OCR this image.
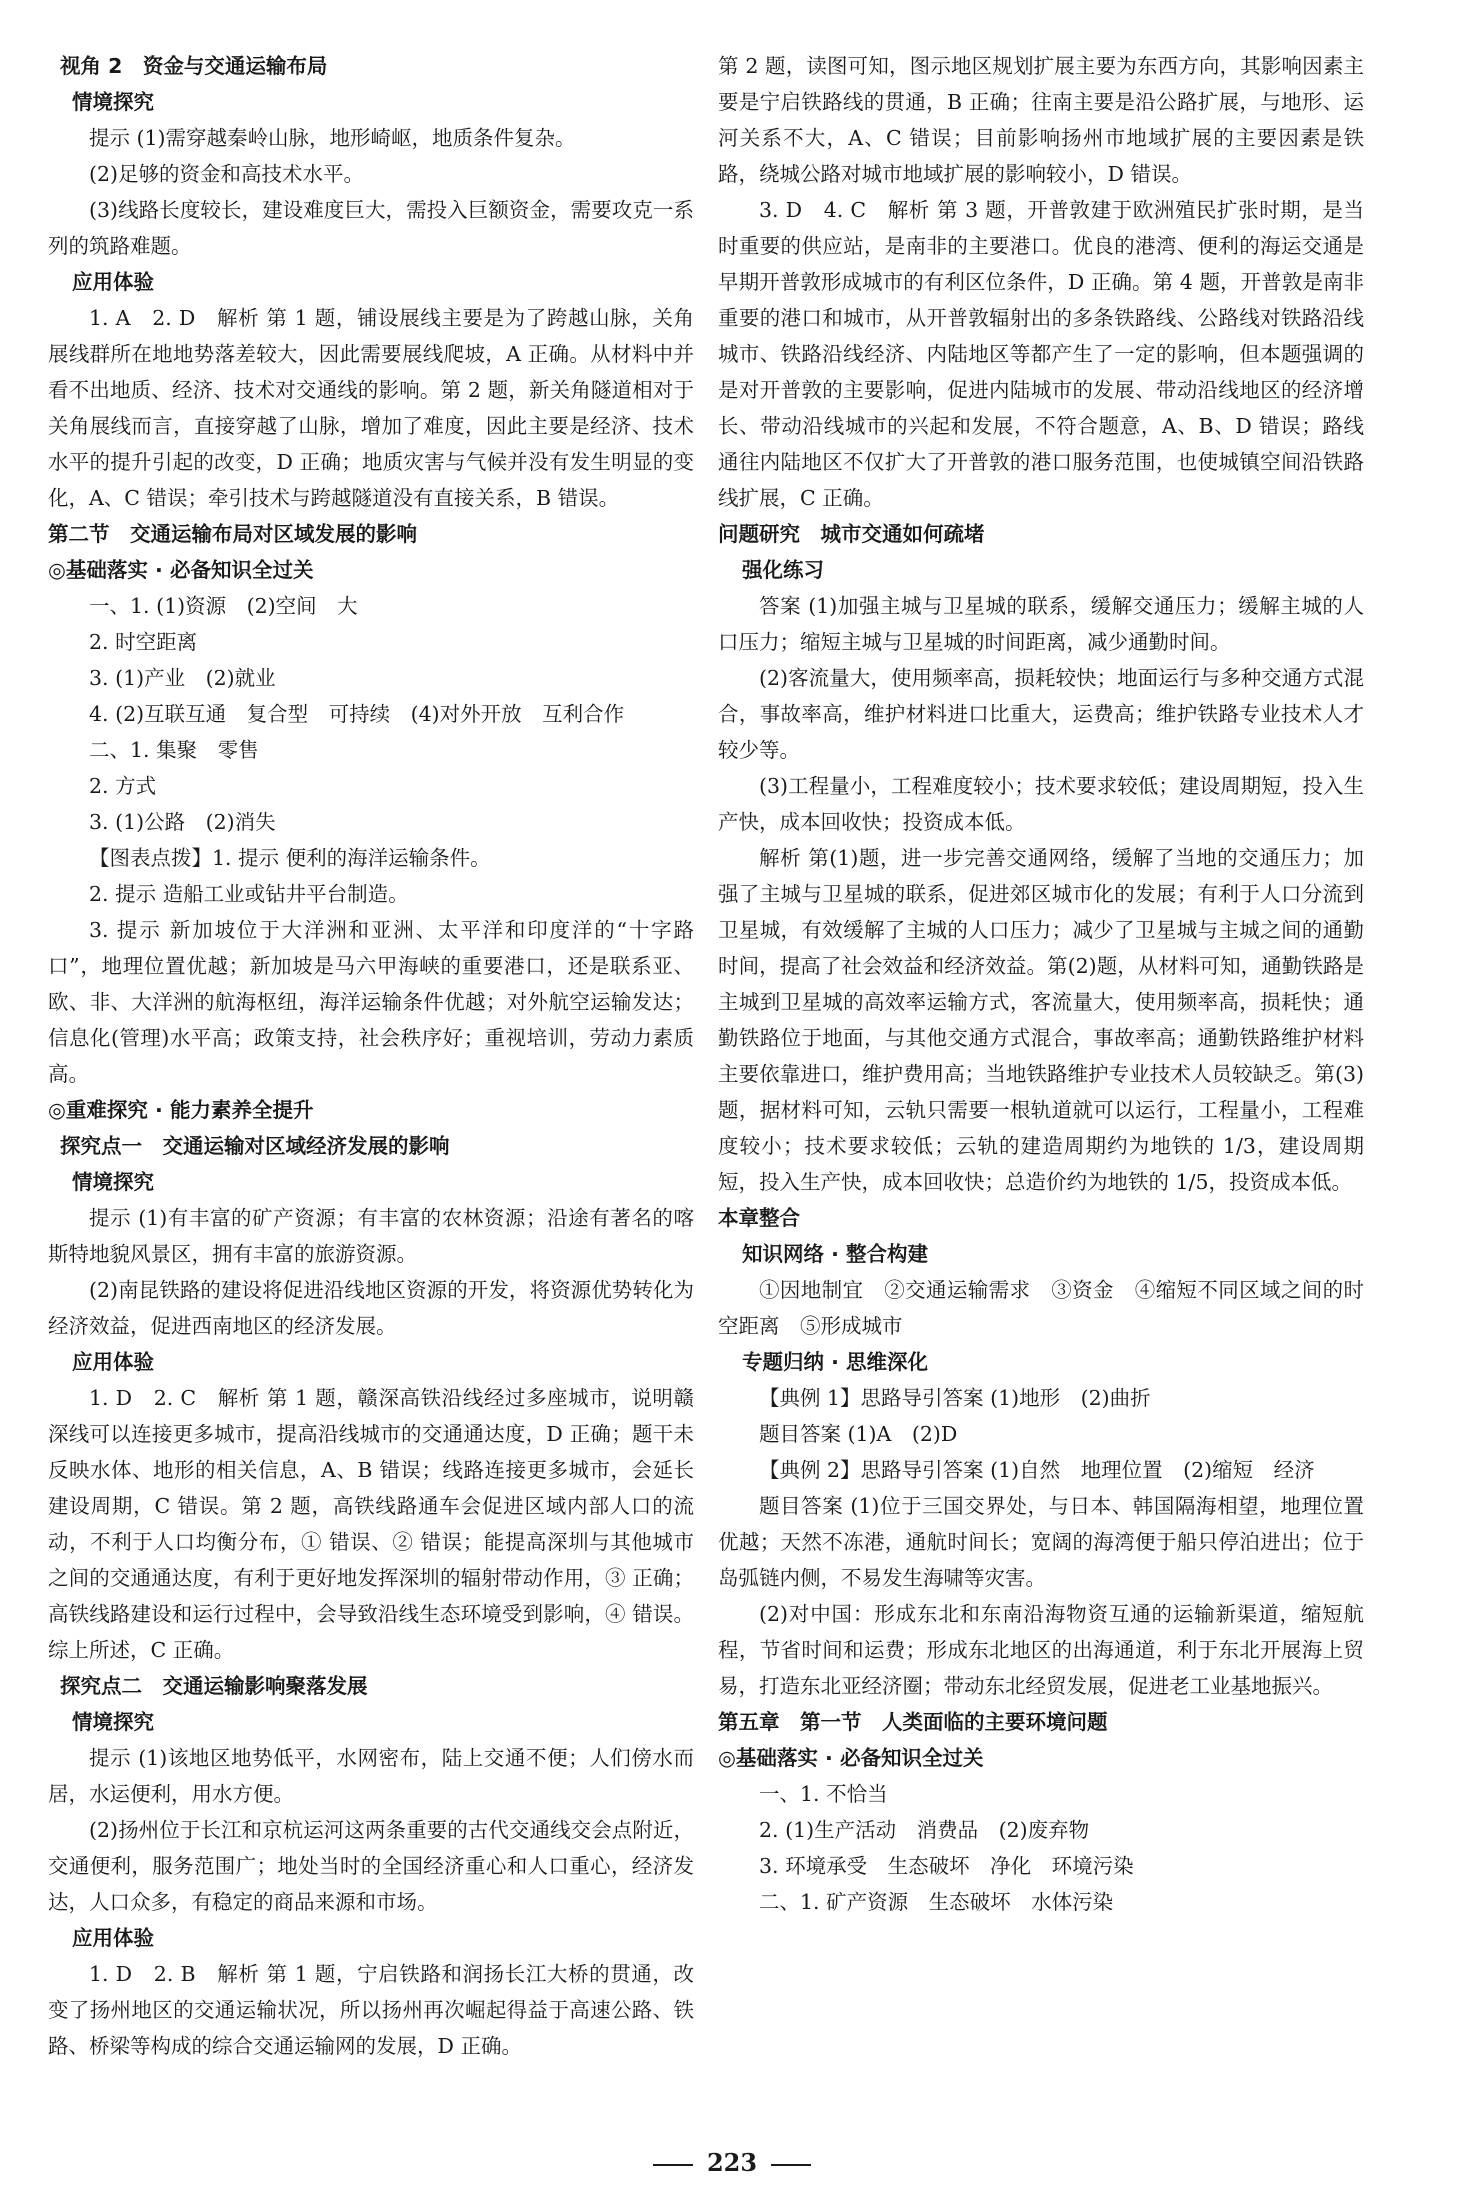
视角 2　资金与交通运输布局

情境探究

提示 (1)需穿越秦岭山脉，地形崎岖，地质条件复杂。

(2)足够的资金和高技术水平。

(3)线路长度较长，建设难度巨大，需投入巨额资金，需要攻克一系列的筑路难题。

应用体验

1. A　2. D　解析 第 1 题，铺设展线主要是为了跨越山脉，关角展线群所在地地势落差较大，因此需要展线爬坡，A 正确。从材料中并看不出地质、经济、技术对交通线的影响。第 2 题，新关角隧道相对于关角展线而言，直接穿越了山脉，增加了难度，因此主要是经济、技术水平的提升引起的改变，D 正确；地质灾害与气候并没有发生明显的变化，A、C 错误；牵引技术与跨越隧道没有直接关系，B 错误。

第二节　交通运输布局对区域发展的影响

◎基础落实 · 必备知识全过关

一、1. (1)资源　(2)空间　大

2. 时空距离

3. (1)产业　(2)就业

4. (2)互联互通　复合型　可持续　(4)对外开放　互利合作

二、1. 集聚　零售

2. 方式

3. (1)公路　(2)消失

【图表点拨】1. 提示 便利的海洋运输条件。

2. 提示 造船工业或钻井平台制造。

3. 提示 新加坡位于大洋洲和亚洲、太平洋和印度洋的“十字路口”，地理位置优越；新加坡是马六甲海峡的重要港口，还是联系亚、欧、非、大洋洲的航海枢纽，海洋运输条件优越；对外航空运输发达；信息化(管理)水平高；政策支持，社会秩序好；重视培训，劳动力素质高。

◎重难探究 · 能力素养全提升

探究点一　交通运输对区域经济发展的影响

情境探究

提示 (1)有丰富的矿产资源；有丰富的农林资源；沿途有著名的喀斯特地貌风景区，拥有丰富的旅游资源。

(2)南昆铁路的建设将促进沿线地区资源的开发，将资源优势转化为经济效益，促进西南地区的经济发展。

应用体验

1. D　2. C　解析 第 1 题，赣深高铁沿线经过多座城市，说明赣深线可以连接更多城市，提高沿线城市的交通通达度，D 正确；题干未反映水体、地形的相关信息，A、B 错误；线路连接更多城市，会延长建设周期，C 错误。第 2 题，高铁线路通车会促进区域内部人口的流动，不利于人口均衡分布，① 错误、② 错误；能提高深圳与其他城市之间的交通通达度，有利于更好地发挥深圳的辐射带动作用，③ 正确；高铁线路建设和运行过程中，会导致沿线生态环境受到影响，④ 错误。综上所述，C 正确。

探究点二　交通运输影响聚落发展

情境探究

提示 (1)该地区地势低平，水网密布，陆上交通不便；人们傍水而居，水运便利，用水方便。

(2)扬州位于长江和京杭运河这两条重要的古代交通线交会点附近，交通便利，服务范围广；地处当时的全国经济重心和人口重心，经济发达，人口众多，有稳定的商品来源和市场。

应用体验

1. D　2. B　解析 第 1 题，宁启铁路和润扬长江大桥的贯通，改变了扬州地区的交通运输状况，所以扬州再次崛起得益于高速公路、铁路、桥梁等构成的综合交通运输网的发展，D 正确。

第 2 题，读图可知，图示地区规划扩展主要为东西方向，其影响因素主要是宁启铁路线的贯通，B 正确；往南主要是沿公路扩展，与地形、运河关系不大，A、C 错误；目前影响扬州市地域扩展的主要因素是铁路，绕城公路对城市地域扩展的影响较小，D 错误。

3. D　4. C　解析 第 3 题，开普敦建于欧洲殖民扩张时期，是当时重要的供应站，是南非的主要港口。优良的港湾、便利的海运交通是早期开普敦形成城市的有利区位条件，D 正确。第 4 题，开普敦是南非重要的港口和城市，从开普敦辐射出的多条铁路线、公路线对铁路沿线城市、铁路沿线经济、内陆地区等都产生了一定的影响，但本题强调的是对开普敦的主要影响，促进内陆城市的发展、带动沿线地区的经济增长、带动沿线城市的兴起和发展，不符合题意，A、B、D 错误；路线通往内陆地区不仅扩大了开普敦的港口服务范围，也使城镇空间沿铁路线扩展，C 正确。

问题研究　城市交通如何疏堵

强化练习

答案 (1)加强主城与卫星城的联系，缓解交通压力；缓解主城的人口压力；缩短主城与卫星城的时间距离，减少通勤时间。

(2)客流量大，使用频率高，损耗较快；地面运行与多种交通方式混合，事故率高，维护材料进口比重大，运费高；维护铁路专业技术人才较少等。

(3)工程量小，工程难度较小；技术要求较低；建设周期短，投入生产快，成本回收快；投资成本低。

解析 第(1)题，进一步完善交通网络，缓解了当地的交通压力；加强了主城与卫星城的联系，促进郊区城市化的发展；有利于人口分流到卫星城，有效缓解了主城的人口压力；减少了卫星城与主城之间的通勤时间，提高了社会效益和经济效益。第(2)题，从材料可知，通勤铁路是主城到卫星城的高效率运输方式，客流量大，使用频率高，损耗快；通勤铁路位于地面，与其他交通方式混合，事故率高；通勤铁路维护材料主要依靠进口，维护费用高；当地铁路维护专业技术人员较缺乏。第(3)题，据材料可知，云轨只需要一根轨道就可以运行，工程量小，工程难度较小；技术要求较低；云轨的建造周期约为地铁的 1/3，建设周期短，投入生产快，成本回收快；总造价约为地铁的 1/5，投资成本低。

本章整合

知识网络 · 整合构建

①因地制宜　②交通运输需求　③资金　④缩短不同区域之间的时空距离　⑤形成城市

专题归纳 · 思维深化

【典例 1】思路导引答案 (1)地形　(2)曲折

题目答案 (1)A　(2)D

【典例 2】思路导引答案 (1)自然　地理位置　(2)缩短　经济

题目答案 (1)位于三国交界处，与日本、韩国隔海相望，地理位置优越；天然不冻港，通航时间长；宽阔的海湾便于船只停泊进出；位于岛弧链内侧，不易发生海啸等灾害。

(2)对中国：形成东北和东南沿海物资互通的运输新渠道，缩短航程，节省时间和运费；形成东北地区的出海通道，利于东北开展海上贸易，打造东北亚经济圈；带动东北经贸发展，促进老工业基地振兴。

第五章　第一节　人类面临的主要环境问题

◎基础落实 · 必备知识全过关

一、1. 不恰当

2. (1)生产活动　消费品　(2)废弃物

3. 环境承受　生态破坏　净化　环境污染

二、1. 矿产资源　生态破坏　水体污染

223
